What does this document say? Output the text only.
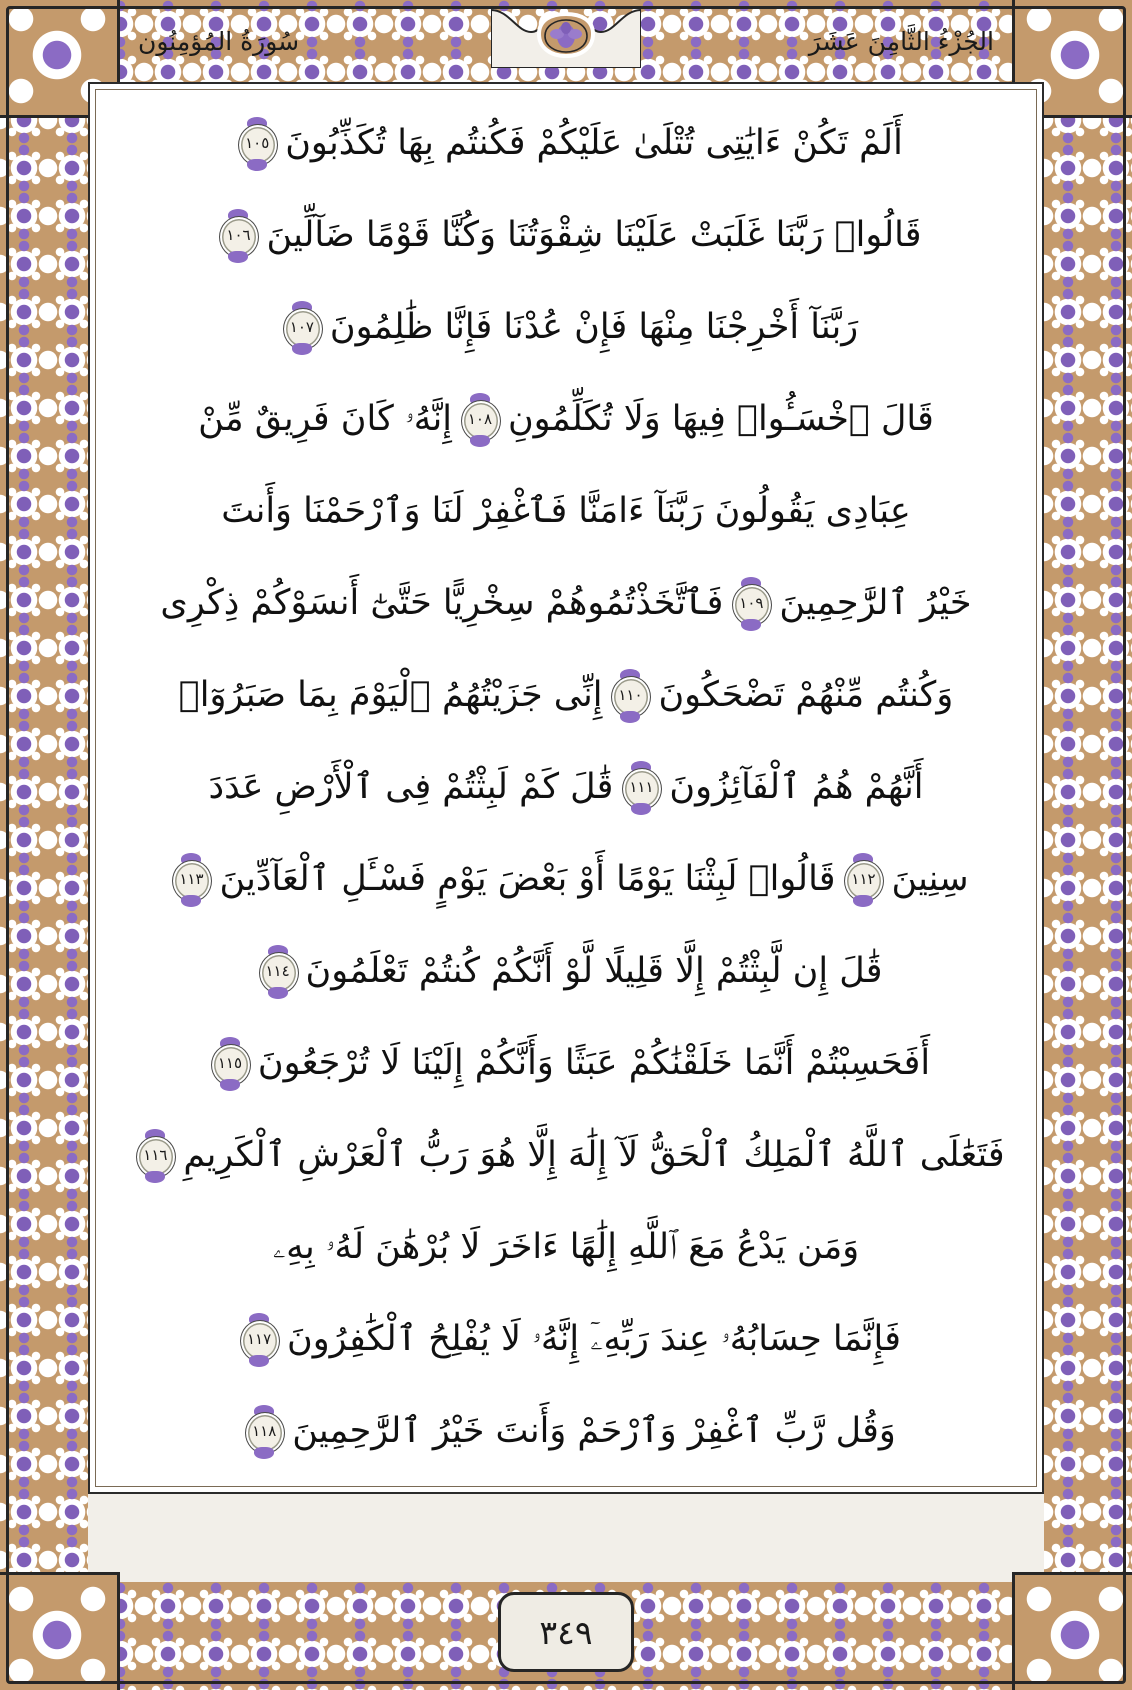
سُورَةُ المُؤمِنُون	الجُزْءُ الثَّامِنَ عَشَرَ
أَلَمْ تَكُنْ ءَايَٰتِى تُتْلَىٰ عَلَيْكُمْ فَكُنتُم بِهَا تُكَذِّبُونَ
١٠٥
قَالُوا۟ رَبَّنَا غَلَبَتْ عَلَيْنَا شِقْوَتُنَا وَكُنَّا قَوْمًا ضَآلِّينَ
١٠٦
رَبَّنَآ أَخْرِجْنَا مِنْهَا فَإِنْ عُدْنَا فَإِنَّا ظَٰلِمُونَ
١٠٧
قَالَ ٱخْسَـُٔوا۟ فِيهَا وَلَا تُكَلِّمُونِ
١٠٨
إِنَّهُۥ كَانَ فَرِيقٌ مِّنْ
عِبَادِى يَقُولُونَ رَبَّنَآ ءَامَنَّا فَٱغْفِرْ لَنَا وَٱرْحَمْنَا وَأَنتَ
خَيْرُ ٱلرَّٰحِمِينَ
١٠٩
فَٱتَّخَذْتُمُوهُمْ سِخْرِيًّا حَتَّىٰٓ أَنسَوْكُمْ ذِكْرِى
وَكُنتُم مِّنْهُمْ تَضْحَكُونَ
١١٠
إِنِّى جَزَيْتُهُمُ ٱلْيَوْمَ بِمَا صَبَرُوٓا۟
أَنَّهُمْ هُمُ ٱلْفَآئِزُونَ
١١١
قَٰلَ كَمْ لَبِثْتُمْ فِى ٱلْأَرْضِ عَدَدَ
سِنِينَ
١١٢
قَالُوا۟ لَبِثْنَا يَوْمًا أَوْ بَعْضَ يَوْمٍ فَسْـَٔلِ ٱلْعَآدِّينَ
١١٣
قَٰلَ إِن لَّبِثْتُمْ إِلَّا قَلِيلًا لَّوْ أَنَّكُمْ كُنتُمْ تَعْلَمُونَ
١١٤
أَفَحَسِبْتُمْ أَنَّمَا خَلَقْنَٰكُمْ عَبَثًا وَأَنَّكُمْ إِلَيْنَا لَا تُرْجَعُونَ
١١٥
فَتَعَٰلَى ٱللَّهُ ٱلْمَلِكُ ٱلْحَقُّ لَآ إِلَٰهَ إِلَّا هُوَ رَبُّ ٱلْعَرْشِ ٱلْكَرِيمِ
١١٦
وَمَن يَدْعُ مَعَ ٱللَّهِ إِلَٰهًا ءَاخَرَ لَا بُرْهَٰنَ لَهُۥ بِهِۦ
فَإِنَّمَا حِسَابُهُۥ عِندَ رَبِّهِۦٓ إِنَّهُۥ لَا يُفْلِحُ ٱلْكَٰفِرُونَ
١١٧
وَقُل رَّبِّ ٱغْفِرْ وَٱرْحَمْ وَأَنتَ خَيْرُ ٱلرَّٰحِمِينَ
١١٨
٣٤٩
